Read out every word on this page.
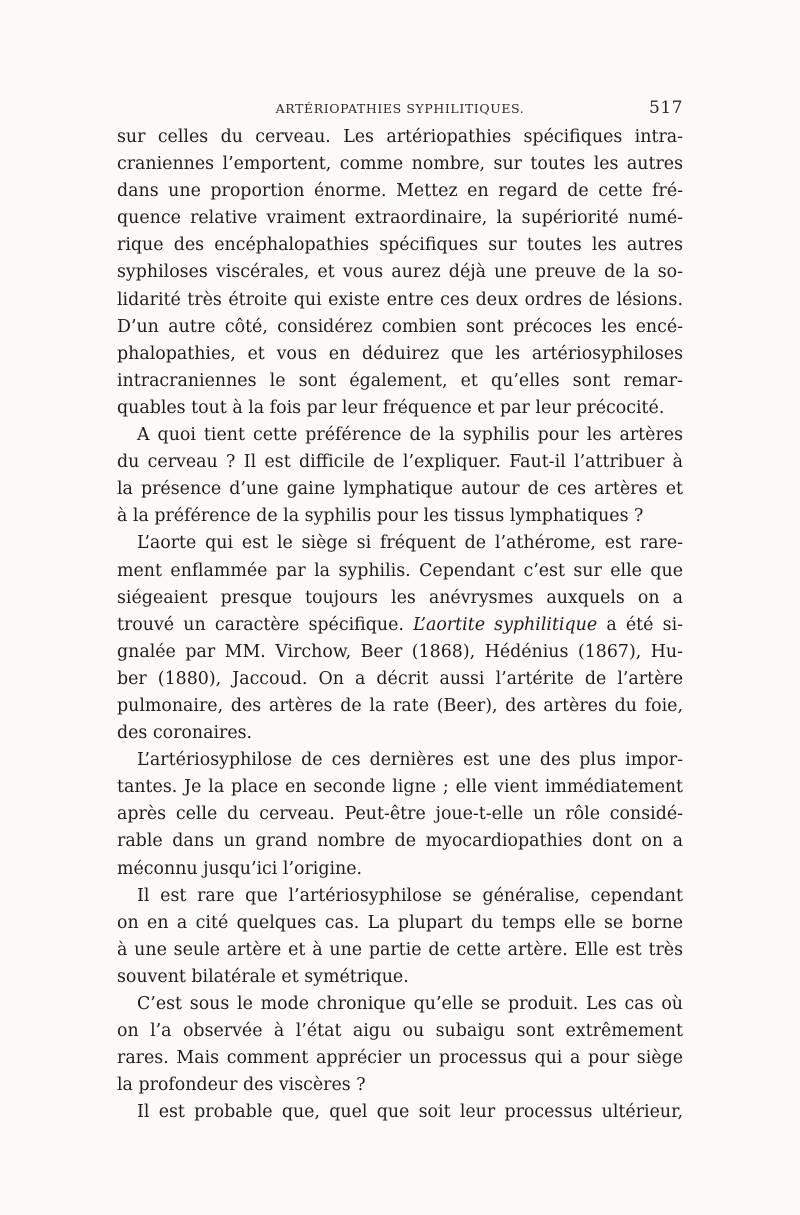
ARTÉRIOPATHIES SYPHILITIQUES.	517
sur celles du cerveau. Les artériopathies spécifiques intra-
craniennes l’emportent, comme nombre, sur toutes les autres
dans une proportion énorme. Mettez en regard de cette fré-
quence relative vraiment extraordinaire, la supériorité numé-
rique des encéphalopathies spécifiques sur toutes les autres
syphiloses viscérales, et vous aurez déjà une preuve de la so-
lidarité très étroite qui existe entre ces deux ordres de lésions.
D’un autre côté, considérez combien sont précoces les encé-
phalopathies, et vous en déduirez que les artériosyphiloses
intracraniennes le sont également, et qu’elles sont remar-
quables tout à la fois par leur fréquence et par leur précocité.
A quoi tient cette préférence de la syphilis pour les artères
du cerveau ? Il est difficile de l’expliquer. Faut-il l’attribuer à
la présence d’une gaine lymphatique autour de ces artères et
à la préférence de la syphilis pour les tissus lymphatiques ?
L’aorte qui est le siège si fréquent de l’athérome, est rare-
ment enflammée par la syphilis. Cependant c’est sur elle que
siégeaient presque toujours les anévrysmes auxquels on a
trouvé un caractère spécifique. L’aortite syphilitique a été si-
gnalée par MM. Virchow, Beer (1868), Hédénius (1867), Hu-
ber (1880), Jaccoud. On a décrit aussi l’artérite de l’artère
pulmonaire, des artères de la rate (Beer), des artères du foie,
des coronaires.
L’artériosyphilose de ces dernières est une des plus impor-
tantes. Je la place en seconde ligne ; elle vient immédiatement
après celle du cerveau. Peut-être joue-t-elle un rôle considé-
rable dans un grand nombre de myocardiopathies dont on a
méconnu jusqu’ici l’origine.
Il est rare que l’artériosyphilose se généralise, cependant
on en a cité quelques cas. La plupart du temps elle se borne
à une seule artère et à une partie de cette artère. Elle est très
souvent bilatérale et symétrique.
C’est sous le mode chronique qu’elle se produit. Les cas où
on l’a observée à l’état aigu ou subaigu sont extrêmement
rares. Mais comment apprécier un processus qui a pour siège
la profondeur des viscères ?
Il est probable que, quel que soit leur processus ultérieur,
